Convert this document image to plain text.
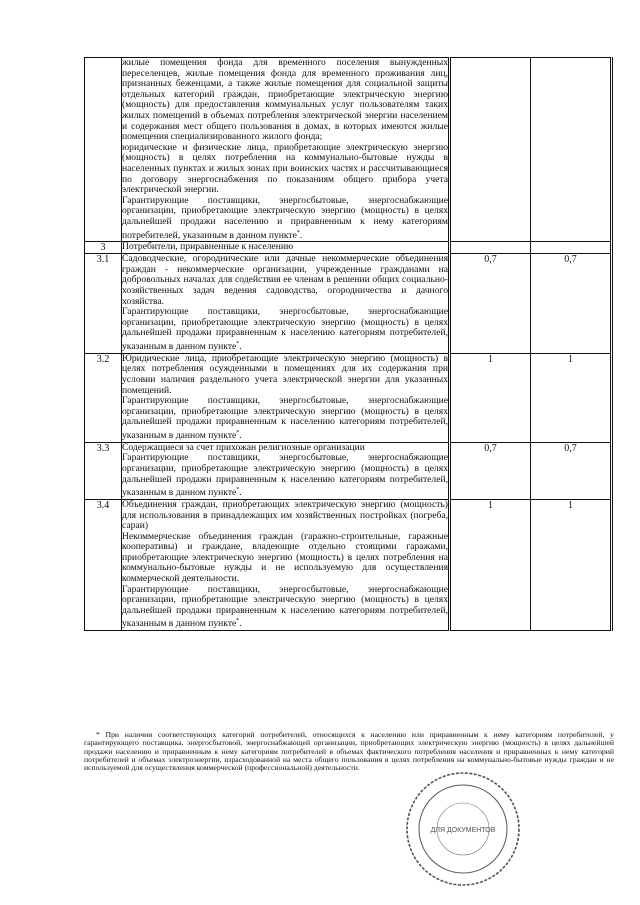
	жилые помещения фонда для временного поселения вынужденных переселенцев, жилые помещения фонда для временного проживания лиц, признанных беженцами, а также жилые помещения для социальной защиты отдельных категорий граждан, приобретающие электрическую энергию (мощность) для предоставления коммунальных услуг пользователям таких жилых помещений в объемах потребления электрической энергии населением и содержания мест общего пользования в домах, в которых имеются жилые помещения специализированного жилого фонда;

юридические и физические лица, приобретающие электрическую энергию (мощность) в целях потребления на коммунально-бытовые нужды в населенных пунктах и жилых зонах при воинских частях и рассчитывающиеся по договору энергоснабжения по показаниям общего прибора учета электрической энергии.

Гарантирующие поставщики, энергосбытовые, энергоснабжающие организации, приобретающие электрическую энергию (мощность) в целях дальнейшей продажи населению и приравненным к нему категориям потребителей, указанным в данном пункте*.		

3	Потребители, приравненные к населению		
3.1	Садоводческие, огороднические или дачные некоммерческие объединения граждан - некоммерческие организации, учрежденные гражданами на добровольных началах для содействия ее членам в решении общих социально-хозяйственных задач ведения садоводства, огородничества и дачного хозяйства.

Гарантирующие поставщики, энергосбытовые, энергоснабжающие организации, приобретающие электрическую энергию (мощность) в целях дальнейшей продажи приравненным к населению категориям потребителей, указанным в данном пункте*.	0,7	0,7
3.2	Юридические лица, приобретающие электрическую энергию (мощность) в целях потребления осужденными в помещениях для их содержания при условии наличия раздельного учета электрической энергии для указанных помещений.

Гарантирующие поставщики, энергосбытовые, энергоснабжающие организации, приобретающие электрическую энергию (мощность) в целях дальнейшей продажи приравненным к населению категориям потребителей, указанным в данном пункте*.	1	1
3.3	Содержащиеся за счет прихожан религиозные организации

Гарантирующие поставщики, энергосбытовые, энергоснабжающие организации, приобретающие электрическую энергию (мощность) в целях дальнейшей продажи приравненным к населению категориям потребителей, указанным в данном пункте*.	0,7	0,7
3.4	Объединения граждан, приобретающих электрическую энергию (мощность) для использования в принадлежащих им хозяйственных постройках (погреба, сараи)

Некоммерческие объединения граждан (гаражно-строительные, гаражные кооперативы) и граждане, владеющие отдельно стоящими гаражами, приобретающие электрическую энергию (мощность) в целях потребления на коммунально-бытовые нужды и не используемую для осуществления коммерческой деятельности.

Гарантирующие поставщики, энергосбытовые, энергоснабжающие организации, приобретающие электрическую энергию (мощность) в целях дальнейшей продажи приравненным к населению категориям потребителей, указанным в данном пункте*.	1	1
* При наличии соответствующих категорий потребителей, относящихся к населению или приравненным к нему категориям потребителей, у гарантирующего поставщика, энергосбытовой, энергоснабжающей организации, приобретающих электрическую энергию (мощность) в целях дальнейшей продажи населению и приравненным к нему категориям потребителей в объемах фактического потребления населения и приравненных к нему категорий потребителей и объемах электроэнергии, израсходованной на места общего пользования в целях потребления на коммунально-бытовые нужды граждан и не используемой для осуществления коммерческой (профессиональной) деятельности.
ДЛЯ ДОКУМЕНТОВ
